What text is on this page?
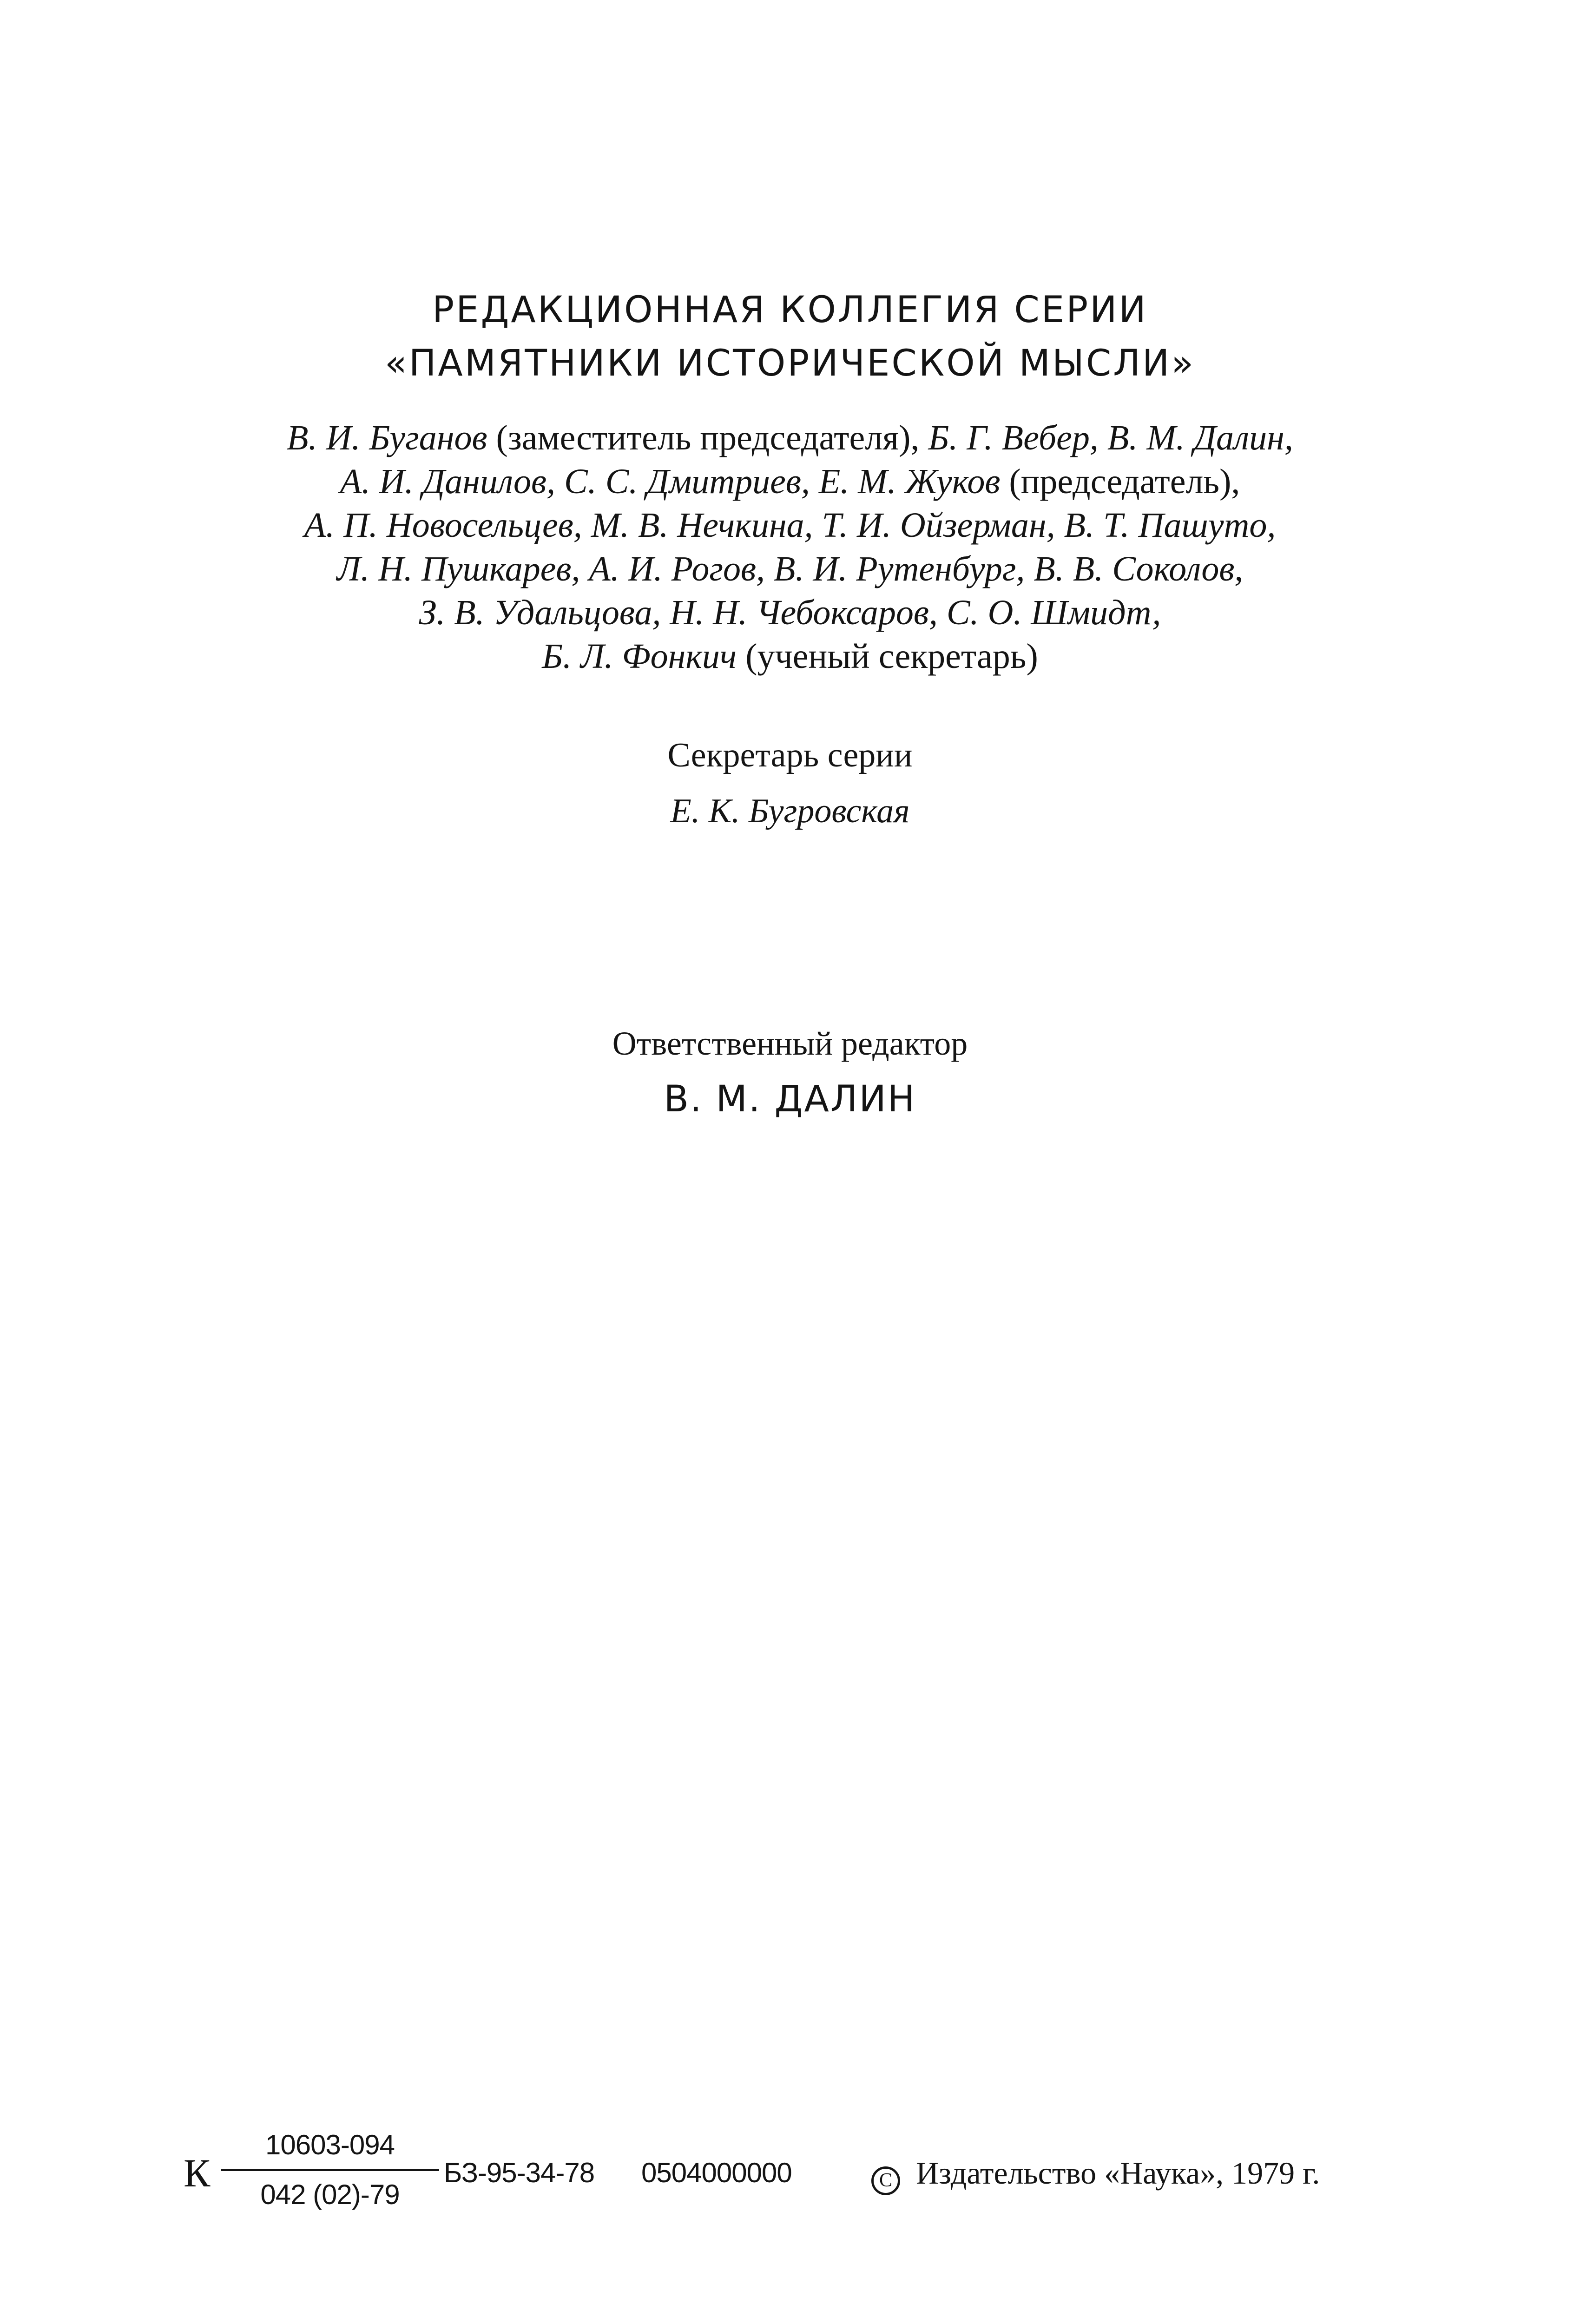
РЕДАКЦИОННАЯ КОЛЛЕГИЯ СЕРИИ
«ПАМЯТНИКИ ИСТОРИЧЕСКОЙ МЫСЛИ»
В. И. Буганов (заместитель председателя), Б. Г. Вебер, В. М. Далин,
А. И. Данилов, С. С. Дмитриев, Е. М. Жуков (председатель),
А. П. Новосельцев, М. В. Нечкина, Т. И. Ойзерман, В. Т. Пашуто,
Л. Н. Пушкарев, А. И. Рогов, В. И. Рутенбург, В. В. Соколов,
З. В. Удальцова, Н. Н. Чебоксаров, С. О. Шмидт,
Б. Л. Фонкич (ученый секретарь)
Секретарь серии
Е. К. Бугровская
Ответственный редактор
В. М. ДАЛИН
К $\frac{10603-094}{042 (02)-79} БЗ-95-34-78$ 0504000000	C Издательство «Наука», 1979 г.
